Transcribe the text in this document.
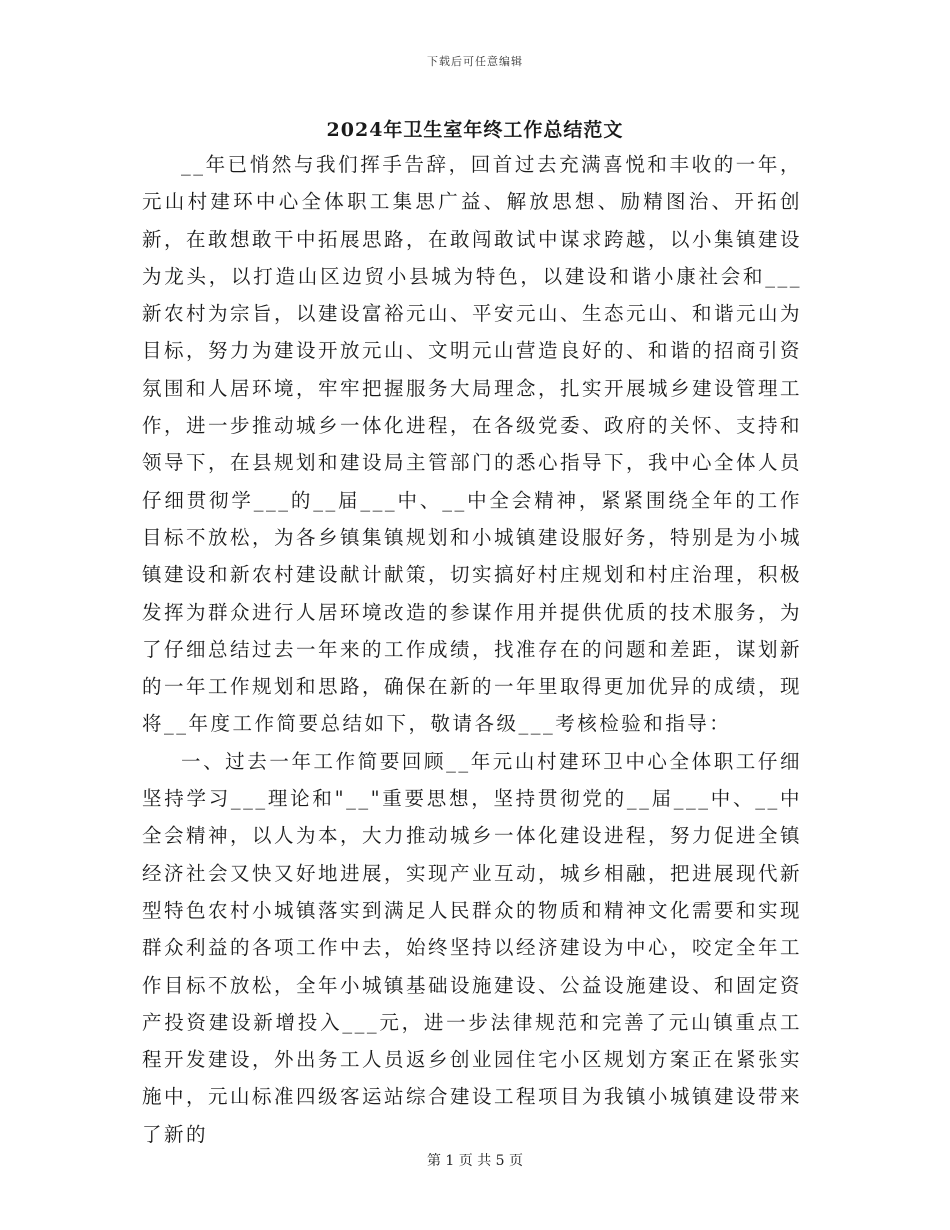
下载后可任意编辑
2024年卫生室年终工作总结范文

__年已悄然与我们挥手告辞，回首过去充满喜悦和丰收的一年，元山村建环中心全体职工集思广益、解放思想、励精图治、开拓创新，在敢想敢干中拓展思路，在敢闯敢试中谋求跨越，以小集镇建设为龙头，以打造山区边贸小县城为特色，以建设和谐小康社会和___新农村为宗旨，以建设富裕元山、平安元山、生态元山、和谐元山为目标，努力为建设开放元山、文明元山营造良好的、和谐的招商引资氛围和人居环境，牢牢把握服务大局理念，扎实开展城乡建设管理工作，进一步推动城乡一体化进程，在各级党委、政府的关怀、支持和领导下，在县规划和建设局主管部门的悉心指导下，我中心全体人员仔细贯彻学___的__届___中、__中全会精神，紧紧围绕全年的工作目标不放松，为各乡镇集镇规划和小城镇建设服好务，特别是为小城镇建设和新农村建设献计献策，切实搞好村庄规划和村庄治理，积极发挥为群众进行人居环境改造的参谋作用并提供优质的技术服务，为了仔细总结过去一年来的工作成绩，找准存在的问题和差距，谋划新的一年工作规划和思路，确保在新的一年里取得更加优异的成绩，现将__年度工作简要总结如下，敬请各级___考核检验和指导：

一、过去一年工作简要回顾__年元山村建环卫中心全体职工仔细坚持学习___理论和"__"重要思想，坚持贯彻党的__届___中、__中全会精神，以人为本，大力推动城乡一体化建设进程，努力促进全镇经济社会又快又好地进展，实现产业互动，城乡相融，把进展现代新型特色农村小城镇落实到满足人民群众的物质和精神文化需要和实现群众利益的各项工作中去，始终坚持以经济建设为中心，咬定全年工作目标不放松，全年小城镇基础设施建设、公益设施建设、和固定资产投资建设新增投入___元，进一步法律规范和完善了元山镇重点工程开发建设，外出务工人员返乡创业园住宅小区规划方案正在紧张实施中，元山标准四级客运站综合建设工程项目为我镇小城镇建设带来了新的

第 1 页 共 5 页
